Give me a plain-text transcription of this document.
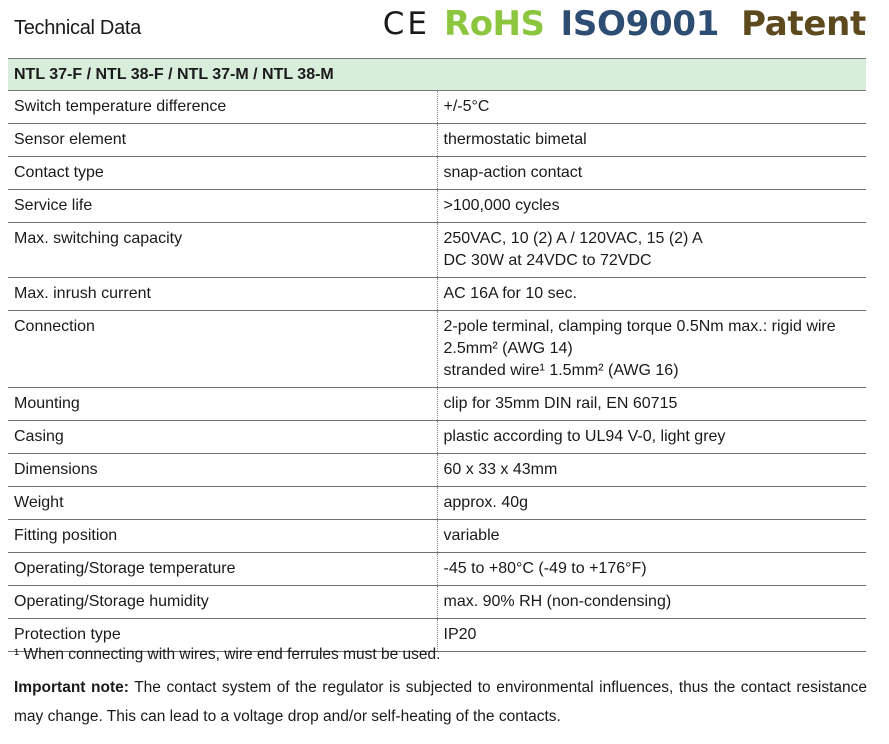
Technical Data	CE RoHS ISO9001 Patent
NTL 37-F / NTL 38-F / NTL 37-M / NTL 38-M	
Switch temperature difference	+/-5°C

Sensor element	thermostatic bimetal

Contact type	snap-action contact

Service life	>100,000 cycles

Max. switching capacity	250VAC, 10 (2) A / 120VAC, 15 (2) A
DC 30W at 24VDC to 72VDC

Max. inrush current	AC 16A for 10 sec.

Connection	2-pole terminal, clamping torque 0.5Nm max.: rigid wire 2.5mm² (AWG 14)
stranded wire¹ 1.5mm² (AWG 16)

Mounting	clip for 35mm DIN rail, EN 60715

Casing	plastic according to UL94 V-0, light grey

Dimensions	60 x 33 x 43mm

Weight	approx. 40g

Fitting position	variable

Operating/Storage temperature	-45 to +80°C (-49 to +176°F)

Operating/Storage humidity	max. 90% RH (non-condensing)

Protection type	IP20
¹ When connecting with wires, wire end ferrules must be used.
Important note: The contact system of the regulator is subjected to environmental influences, thus the contact resistance may change. This can lead to a voltage drop and/or self-heating of the contacts.
